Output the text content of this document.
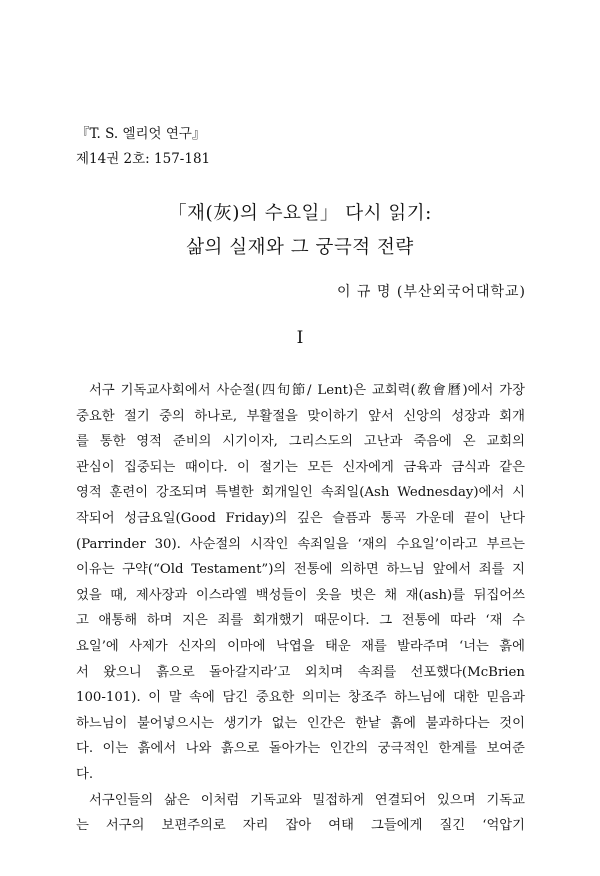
『T. S. 엘리엇 연구』
제14권 2호: 157-181
「재(灰)의 수요일」 다시 읽기:
삶의 실재와 그 궁극적 전략
이 규 명 (부산외국어대학교)
I
서구 기독교사회에서 사순절(四旬節/ Lent)은 교회력(敎會曆)에서 가장
중요한 절기 중의 하나로, 부활절을 맞이하기 앞서 신앙의 성장과 회개
를 통한 영적 준비의 시기이자, 그리스도의 고난과 죽음에 온 교회의
관심이 집중되는 때이다. 이 절기는 모든 신자에게 금육과 금식과 같은
영적 훈련이 강조되며 특별한 회개일인 속죄일(Ash Wednesday)에서 시
작되어 성금요일(Good Friday)의 깊은 슬픔과 통곡 가운데 끝이 난다
(Parrinder 30). 사순절의 시작인 속죄일을 ‘재의 수요일’이라고 부르는
이유는 구약(“Old Testament”)의 전통에 의하면 하느님 앞에서 죄를 지
었을 때, 제사장과 이스라엘 백성들이 옷을 벗은 채 재(ash)를 뒤집어쓰
고 애통해 하며 지은 죄를 회개했기 때문이다. 그 전통에 따라 ‘재 수
요일’에 사제가 신자의 이마에 낙엽을 태운 재를 발라주며 ‘너는 흙에
서 왔으니 흙으로 돌아갈지라’고 외치며 속죄를 선포했다(McBrien
100-101). 이 말 속에 담긴 중요한 의미는 창조주 하느님에 대한 믿음과
하느님이 불어넣으시는 생기가 없는 인간은 한낱 흙에 불과하다는 것이
다. 이는 흙에서 나와 흙으로 돌아가는 인간의 궁극적인 한계를 보여준
다.
서구인들의 삶은 이처럼 기독교와 밀접하게 연결되어 있으며 기독교
는 서구의 보편주의로 자리 잡아 여태 그들에게 질긴 ‘억압기
